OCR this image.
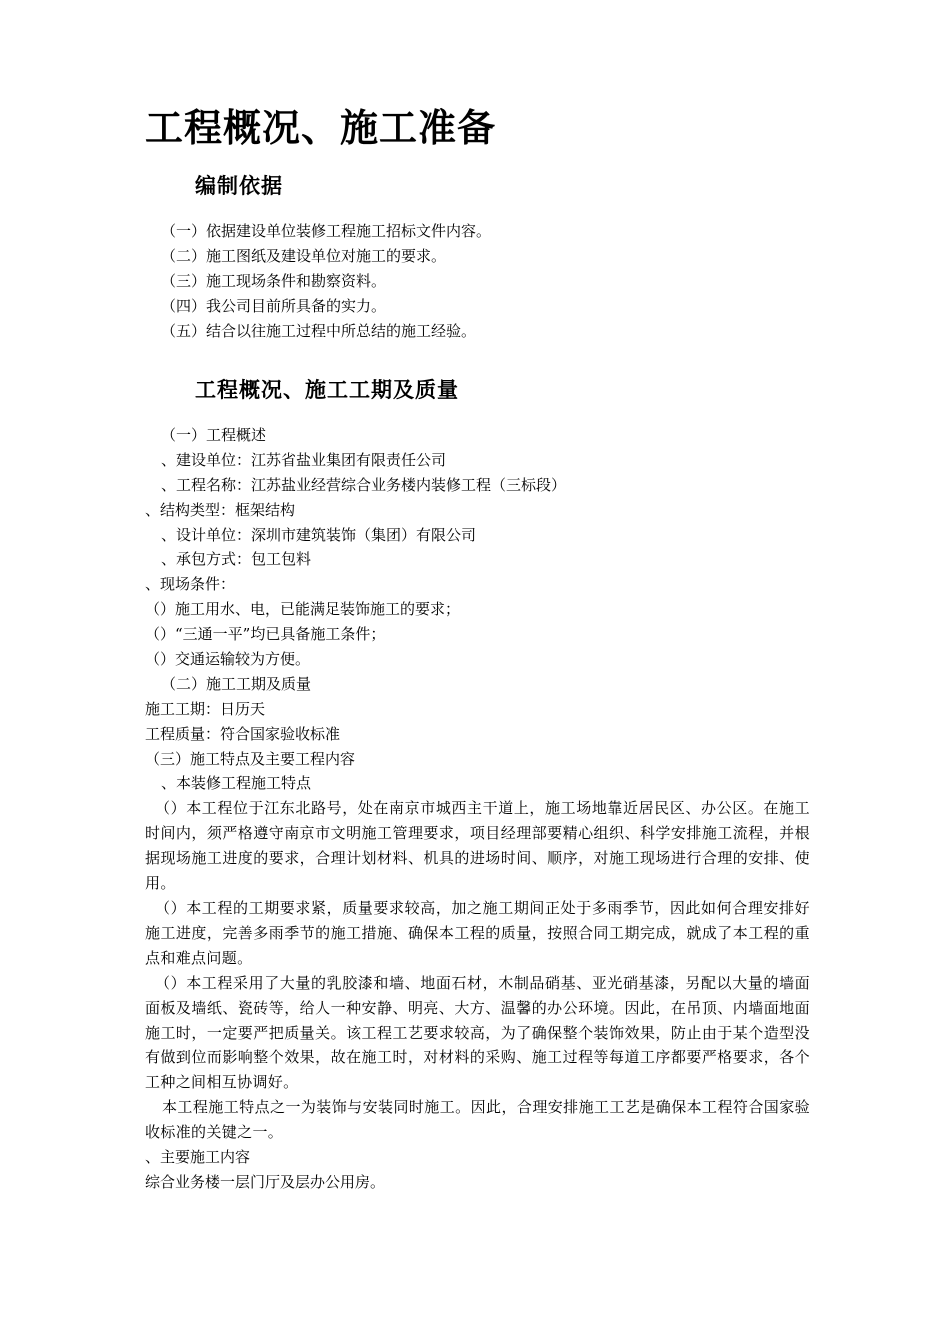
工程概况、施工准备
编制依据
（一）依据建设单位装修工程施工招标文件内容。
（二）施工图纸及建设单位对施工的要求。
（三）施工现场条件和勘察资料。
（四）我公司目前所具备的实力。
（五）结合以往施工过程中所总结的施工经验。
工程概况、施工工期及质量
（一）工程概述
、建设单位：江苏省盐业集团有限责任公司
、工程名称：江苏盐业经营综合业务楼内装修工程（三标段）
、结构类型：框架结构
、设计单位：深圳市建筑装饰（集团）有限公司
、承包方式：包工包料
、现场条件：
（）施工用水、电，已能满足装饰施工的要求；
（）“三通一平”均已具备施工条件；
（）交通运输较为方便。
（二）施工工期及质量
施工工期：日历天
工程质量：符合国家验收标准
（三）施工特点及主要工程内容
、本装修工程施工特点
（）本工程位于江东北路号，处在南京市城西主干道上，施工场地靠近居民区、办公区。在施工时间内，须严格遵守南京市文明施工管理要求，项目经理部要精心组织、科学安排施工流程，并根据现场施工进度的要求，合理计划材料、机具的进场时间、顺序，对施工现场进行合理的安排、使用。
（）本工程的工期要求紧，质量要求较高，加之施工期间正处于多雨季节，因此如何合理安排好施工进度，完善多雨季节的施工措施、确保本工程的质量，按照合同工期完成，就成了本工程的重点和难点问题。
（）本工程采用了大量的乳胶漆和墙、地面石材，木制品硝基、亚光硝基漆，另配以大量的墙面面板及墙纸、瓷砖等，给人一种安静、明亮、大方、温馨的办公环境。因此，在吊顶、内墙面地面施工时，一定要严把质量关。该工程工艺要求较高，为了确保整个装饰效果，防止由于某个造型没有做到位而影响整个效果，故在施工时，对材料的采购、施工过程等每道工序都要严格要求，各个工种之间相互协调好。
本工程施工特点之一为装饰与安装同时施工。因此，合理安排施工工艺是确保本工程符合国家验收标准的关键之一。
、主要施工内容
综合业务楼一层门厅及层办公用房。
